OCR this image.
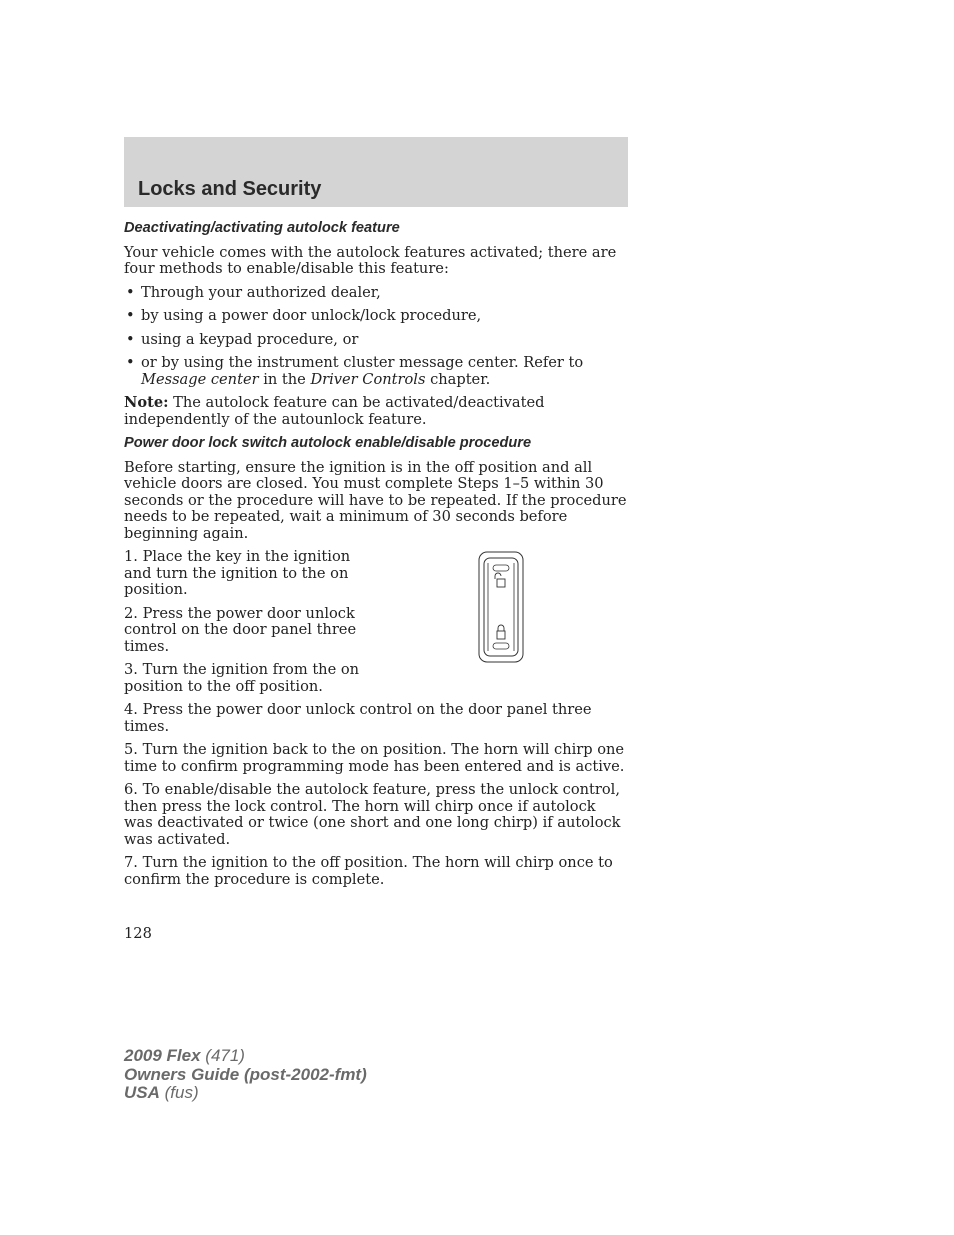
Locks and Security
Deactivating/activating autolock feature

Your vehicle comes with the autolock features activated; there are four methods to enable/disable this feature:

• Through your authorized dealer,
• by using a power door unlock/lock procedure,
• using a keypad procedure, or
• or by using the instrument cluster message center. Refer to Message center in the Driver Controls chapter.

Note: The autolock feature can be activated/deactivated independently of the autounlock feature.

Power door lock switch autolock enable/disable procedure

Before starting, ensure the ignition is in the off position and all vehicle doors are closed. You must complete Steps 1–5 within 30 seconds or the procedure will have to be repeated. If the procedure needs to be repeated, wait a minimum of 30 seconds before beginning again.

1. Place the key in the ignition and turn the ignition to the on position.

2. Press the power door unlock control on the door panel three times.

3. Turn the ignition from the on position to the off position.

4. Press the power door unlock control on the door panel three times.

5. Turn the ignition back to the on position. The horn will chirp one time to confirm programming mode has been entered and is active.

6. To enable/disable the autolock feature, press the unlock control, then press the lock control. The horn will chirp once if autolock was deactivated or twice (one short and one long chirp) if autolock was activated.

7. Turn the ignition to the off position. The horn will chirp once to confirm the procedure is complete.

128

2009 Flex (471)
Owners Guide (post-2002-fmt)
USA (fus)
